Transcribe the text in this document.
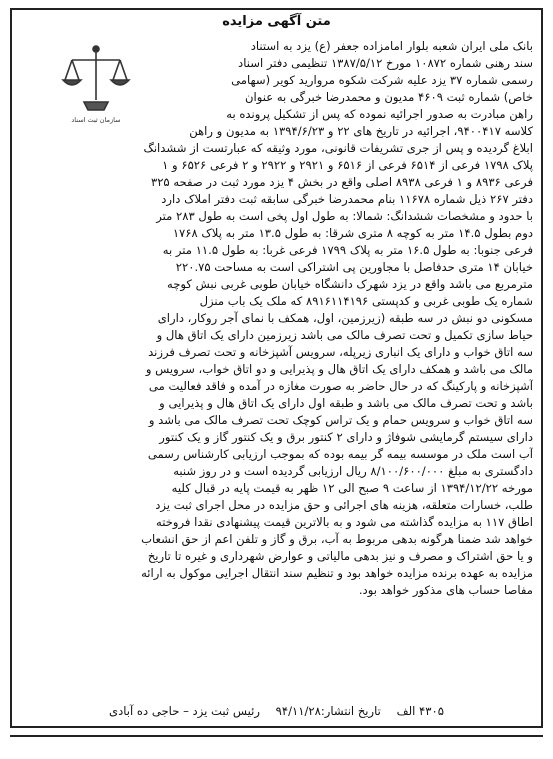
متن آگهی مزایده
سازمان ثبت اسناد
بانک ملی ایران شعبه بلوار امامزاده جعفر (ع) یزد به استناد
سند رهنی شماره ۱۰۸۷۲ مورخ ۱۳۸۷/۵/۱۲ تنظیمی دفتر اسناد
رسمی شماره ۳۷ یزد علیه شرکت شکوه مروارید کویر (سهامی
خاص) شماره ثبت ۴۶۰۹ مدیون و محمدرضا خبرگی به عنوان
راهن مبادرت به صدور اجرائیه نموده که پس از تشکیل پرونده به
کلاسه ۹۴۰۰۴۱۷، اجرائیه در تاریخ های ۲۲ و ۱۳۹۴/۶/۲۳ به مدیون و راهن
ابلاغ گردیده و پس از جری تشریفات قانونی، مورد وثیقه که عبارتست از ششدانگ
پلاک ۱۷۹۸ فرعی از ۶۵۱۴ فرعی از ۶۵۱۶ و ۲۹۲۱ و ۲۹۲۲ و ۲ فرعی ۶۵۲۶ و ۱
فرعی ۸۹۳۶ و ۱ فرعی ۸۹۳۸ اصلی واقع در بخش ۴ یزد مورد ثبت در صفحه ۳۲۵
دفتر ۲۶۷ ذیل شماره ۱۱۶۷۸ بنام محمدرضا خبرگی سابقه ثبت دفتر املاک دارد
با حدود و مشخصات ششدانگ: شمالا: به طول اول پخی است به طول ۲۸۳ متر
دوم بطول ۱۴.۵ متر به کوچه ۸ متری شرقا: به طول ۱۳.۵ متر به پلاک ۱۷۶۸
فرعی جنوبا: به طول ۱۶.۵ متر به پلاک ۱۷۹۹ فرعی غربا: به طول ۱۱.۵ متر به
خیابان ۱۴ متری حدفاصل با مجاورین پی اشتراکی است به مساحت ۲۲۰.۷۵
مترمربع می باشد واقع در یزد شهرک دانشگاه خیابان طوبی غربی نبش کوچه
شماره یک طوبی غربی و کدپستی ۸۹۱۶۱۱۴۱۹۶ که ملک یک باب منزل
مسکونی دو نبش در سه طبقه (زیرزمین، اول، همکف با نمای آجر روکار، دارای
حیاط سازی تکمیل و تحت تصرف مالک می باشد زیرزمین دارای یک اتاق هال و
سه اتاق خواب و دارای یک انباری زیرپله، سرویس آشپزخانه و تحت تصرف فرزند
مالک می باشد و همکف دارای یک اتاق هال و پذیرایی و دو اتاق خواب، سرویس و
آشپزخانه و پارکینگ که در حال حاضر به صورت مغازه در آمده و فاقد فعالیت می
باشد و تحت تصرف مالک می باشد و طبقه اول دارای یک اتاق هال و پذیرایی و
سه اتاق خواب و سرویس حمام و یک تراس کوچک تحت تصرف مالک می باشد و
دارای سیستم گرمایشی شوفاژ و دارای ۲ کنتور برق و یک کنتور گاز و یک کنتور
آب است ملک در موسسه بیمه گر بیمه بوده که بموجب ارزیابی کارشناس رسمی
دادگستری به مبلغ ۸/۱۰۰/۶۰۰/۰۰۰ ریال ارزیابی گردیده است و در روز شنبه
مورخه ۱۳۹۴/۱۲/۲۲ از ساعت ۹ صبح الی ۱۲ ظهر به قیمت پایه در قبال کلیه
طلب، خسارات متعلقه، هزینه های اجرائی و حق مزایده در محل اجرای ثبت یزد
اطاق ۱۱۷ به مزایده گذاشته می شود و به بالاترین قیمت پیشنهادی نقدا فروخته
خواهد شد ضمنا هرگونه بدهی مربوط به آب، برق و گاز و تلفن اعم از حق انشعاب
و یا حق اشتراک و مصرف و نیز بدهی مالیاتی و عوارض شهرداری و غیره تا تاریخ
مزایده به عهده برنده مزایده خواهد بود و تنظیم سند انتقال اجرایی موکول به ارائه
مفاصا حساب های مذکور خواهد بود.
۴۳۰۵ الف تاریخ انتشار:۹۴/۱۱/۲۸ رئیس ثبت یزد – حاجی ده آبادی
